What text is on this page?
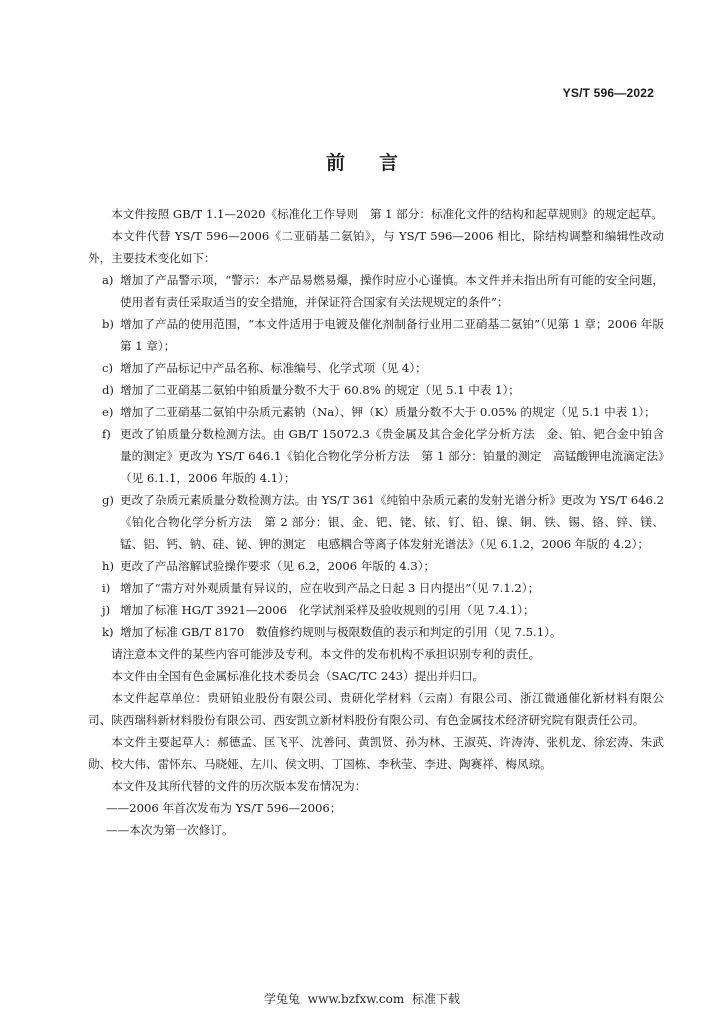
YS/T 596—2022
前言

本文件按照 GB/T 1.1—2020《标准化工作导则　第 1 部分：标准化文件的结构和起草规则》的规定起草。

本文件代替 YS/T 596—2006《二亚硝基二氨铂》，与 YS/T 596—2006 相比，除结构调整和编辑性改动外，主要技术变化如下：

a) 增加了产品警示项，“警示：本产品易燃易爆，操作时应小心谨慎。本文件并未指出所有可能的安全问题，使用者有责任采取适当的安全措施，并保证符合国家有关法规规定的条件”；

b) 增加了产品的使用范围，“本文件适用于电镀及催化剂制备行业用二亚硝基二氨铂”（见第 1 章；2006 年版第 1 章）；

c) 增加了产品标记中产品名称、标准编号、化学式项（见 4）；

d) 增加了二亚硝基二氨铂中铂质量分数不大于 60.8% 的规定（见 5.1 中表 1）；

e) 增加了二亚硝基二氨铂中杂质元素钠（Na）、钾（K）质量分数不大于 0.05% 的规定（见 5.1 中表 1）；

f) 更改了铂质量分数检测方法。由 GB/T 15072.3《贵金属及其合金化学分析方法　金、铂、钯合金中铂含量的测定》更改为 YS/T 646.1《铂化合物化学分析方法　第 1 部分：铂量的测定　高锰酸钾电流滴定法》（见 6.1.1，2006 年版的 4.1）；

g) 更改了杂质元素质量分数检测方法。由 YS/T 361《纯铂中杂质元素的发射光谱分析》更改为 YS/T 646.2《铂化合物化学分析方法　第 2 部分：银、金、钯、铑、铱、钌、铅、镍、铜、铁、锡、铬、锌、镁、锰、铝、钙、钠、硅、铋、钾的测定　电感耦合等离子体发射光谱法》（见 6.1.2，2006 年版的 4.2）；

h) 更改了产品溶解试验操作要求（见 6.2，2006 年版的 4.3）；

i) 增加了“需方对外观质量有异议的，应在收到产品之日起 3 日内提出”（见 7.1.2）；

j) 增加了标准 HG/T 3921—2006　化学试剂采样及验收规则的引用（见 7.4.1）；

k) 增加了标准 GB/T 8170　数值修约规则与极限数值的表示和判定的引用（见 7.5.1）。

请注意本文件的某些内容可能涉及专利。本文件的发布机构不承担识别专利的责任。

本文件由全国有色金属标准化技术委员会（SAC/TC 243）提出并归口。

本文件起草单位：贵研铂业股份有限公司、贵研化学材料（云南）有限公司、浙江微通催化新材料有限公司、陕西瑞科新材料股份有限公司、西安凯立新材料股份有限公司、有色金属技术经济研究院有限责任公司。

本文件主要起草人：郝德孟、匡飞平、沈善问、黄凯贤、孙为林、王淑英、许涛涛、张机龙、徐宏涛、朱武勋、校大伟、雷怀东、马晓娅、左川、侯文明、丁国栋、李秋莹、李进、陶赛祥、梅凤琼。

本文件及其所代替的文件的历次版本发布情况为：

——2006 年首次发布为 YS/T 596—2006；

——本次为第一次修订。

学兔兔 www.bzfxw.com 标准下载
